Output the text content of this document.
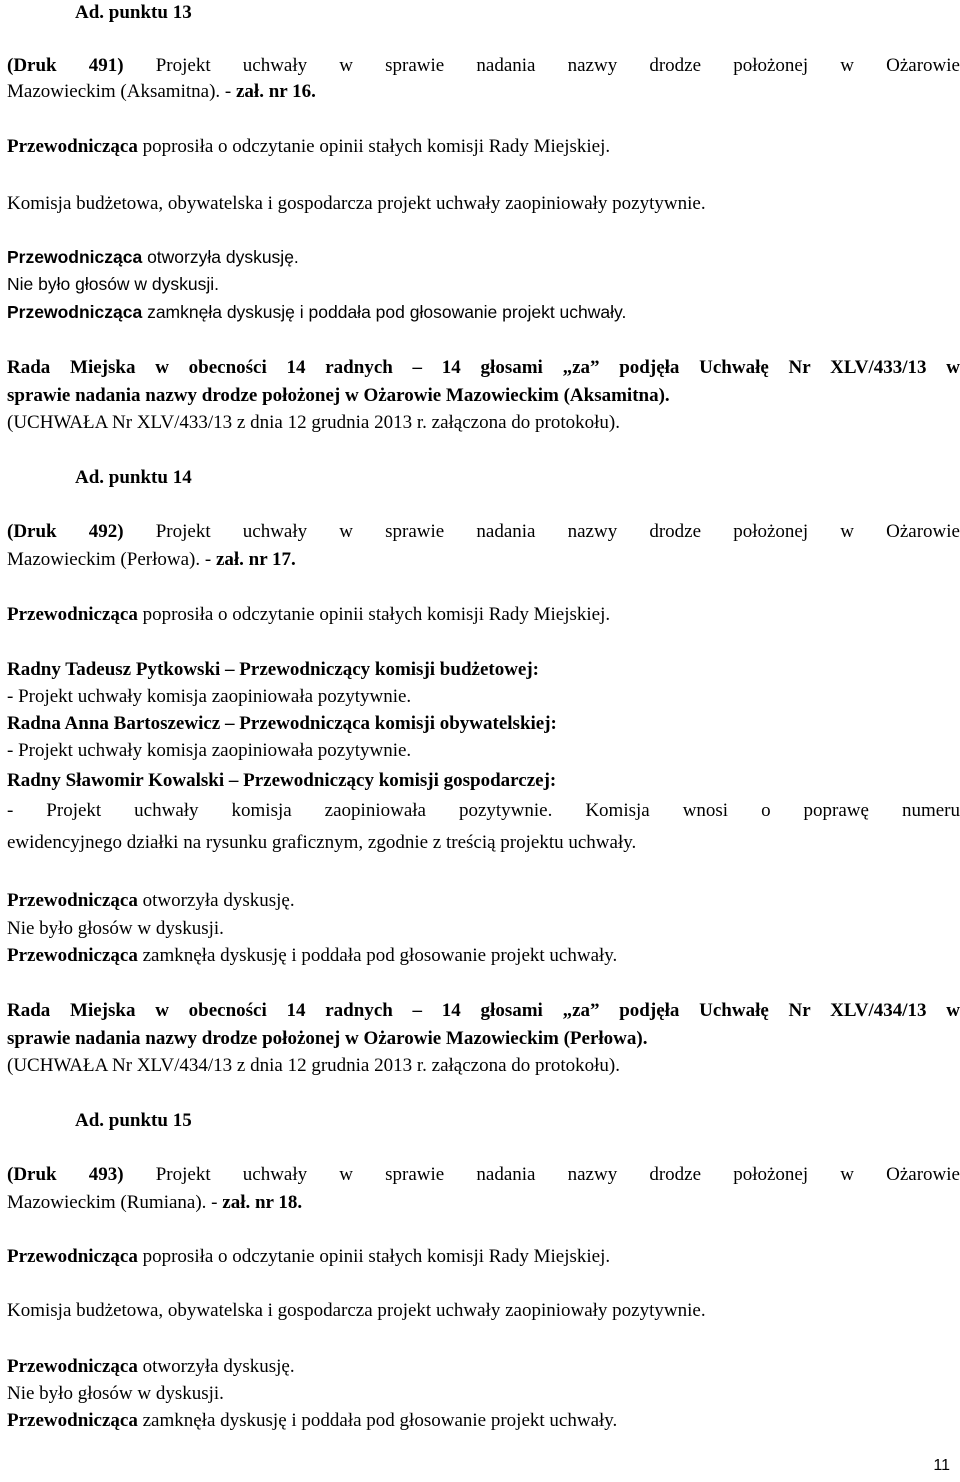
Ad. punktu 13
(Druk 491) Projekt uchwały w sprawie nadania nazwy drodze położonej w Ożarowie
Mazowieckim (Aksamitna). - zał. nr 16.
Przewodnicząca poprosiła o odczytanie opinii stałych komisji Rady Miejskiej.
Komisja budżetowa, obywatelska i gospodarcza projekt uchwały zaopiniowały pozytywnie.
Przewodnicząca otworzyła dyskusję.
Nie było głosów w dyskusji.
Przewodnicząca zamknęła dyskusję i poddała pod głosowanie projekt uchwały.
Rada Miejska w obecności 14 radnych – 14 głosami „za” podjęła Uchwałę Nr XLV/433/13 w
sprawie nadania nazwy drodze położonej w Ożarowie Mazowieckim (Aksamitna).
(UCHWAŁA Nr XLV/433/13 z dnia 12 grudnia 2013 r. załączona do protokołu).
Ad. punktu 14
(Druk 492) Projekt uchwały w sprawie nadania nazwy drodze położonej w Ożarowie
Mazowieckim (Perłowa). - zał. nr 17.
Przewodnicząca poprosiła o odczytanie opinii stałych komisji Rady Miejskiej.
Radny Tadeusz Pytkowski – Przewodniczący komisji budżetowej:
- Projekt uchwały komisja zaopiniowała pozytywnie.
Radna Anna Bartoszewicz – Przewodnicząca komisji obywatelskiej:
- Projekt uchwały komisja zaopiniowała pozytywnie.
Radny Sławomir Kowalski – Przewodniczący komisji gospodarczej:
- Projekt uchwały komisja zaopiniowała pozytywnie. Komisja wnosi o poprawę numeru
ewidencyjnego działki na rysunku graficznym, zgodnie z treścią projektu uchwały.
Przewodnicząca otworzyła dyskusję.
Nie było głosów w dyskusji.
Przewodnicząca zamknęła dyskusję i poddała pod głosowanie projekt uchwały.
Rada Miejska w obecności 14 radnych – 14 głosami „za” podjęła Uchwałę Nr XLV/434/13 w
sprawie nadania nazwy drodze położonej w Ożarowie Mazowieckim (Perłowa).
(UCHWAŁA Nr XLV/434/13 z dnia 12 grudnia 2013 r. załączona do protokołu).
Ad. punktu 15
(Druk 493) Projekt uchwały w sprawie nadania nazwy drodze położonej w Ożarowie
Mazowieckim (Rumiana). - zał. nr 18.
Przewodnicząca poprosiła o odczytanie opinii stałych komisji Rady Miejskiej.
Komisja budżetowa, obywatelska i gospodarcza projekt uchwały zaopiniowały pozytywnie.
Przewodnicząca otworzyła dyskusję.
Nie było głosów w dyskusji.
Przewodnicząca zamknęła dyskusję i poddała pod głosowanie projekt uchwały.
11
